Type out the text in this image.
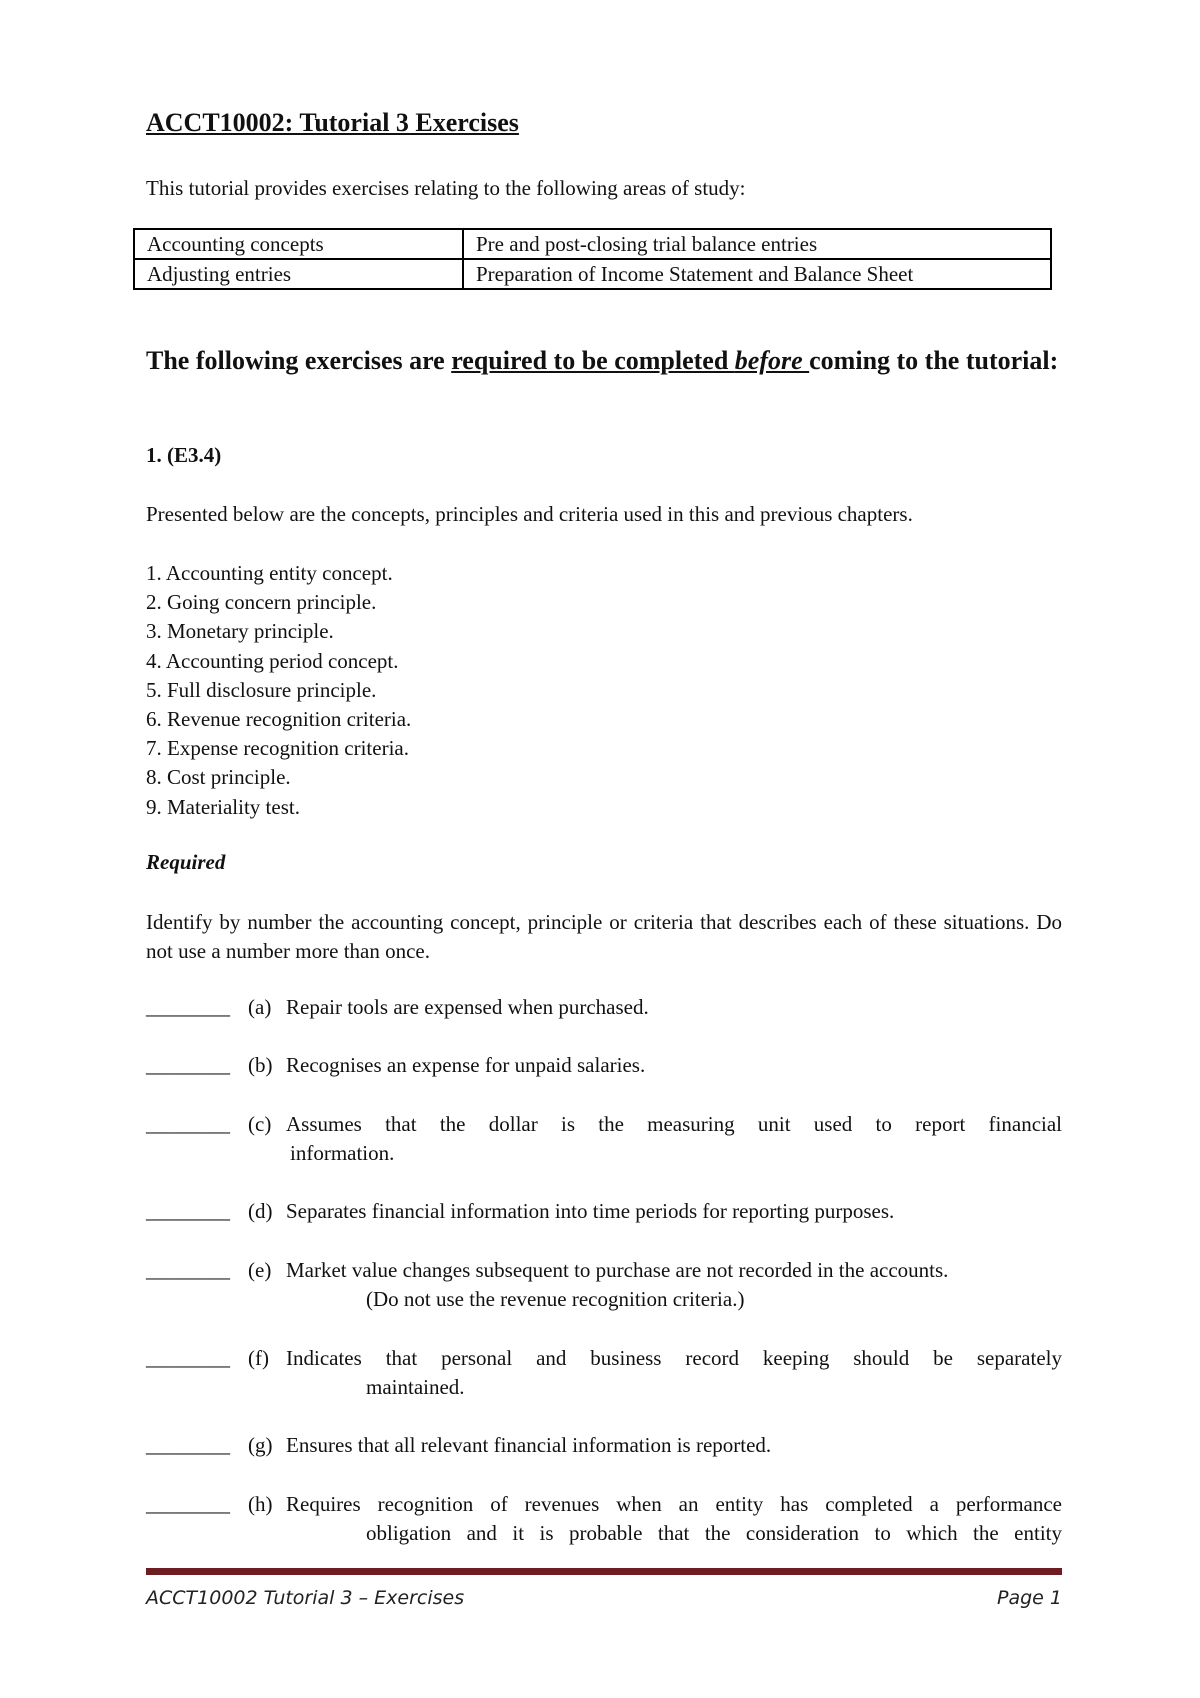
ACCT10002: Tutorial 3 Exercises

This tutorial provides exercises relating to the following areas of study:

Accounting concepts	Pre and post-closing trial balance entries
Adjusting entries	Preparation of Income Statement and Balance Sheet

The following exercises are required to be completed before coming to the tutorial:

1. (E3.4)

Presented below are the concepts, principles and criteria used in this and previous chapters.

1. Accounting entity concept.
2. Going concern principle.
3. Monetary principle.
4. Accounting period concept.
5. Full disclosure principle.
6. Revenue recognition criteria.
7. Expense recognition criteria.
8. Cost principle.
9. Materiality test.

Required

Identify by number the accounting concept, principle or criteria that describes each of these situations. Do not use a number more than once.

________ (a) Repair tools are expensed when purchased.
________ (b) Recognises an expense for unpaid salaries.
________ (c) Assumes that the dollar is the measuring unit used to report financial
information.
________ (d) Separates financial information into time periods for reporting purposes.
________ (e) Market value changes subsequent to purchase are not recorded in the accounts.
(Do not use the revenue recognition criteria.)
________ (f) Indicates that personal and business record keeping should be separately
maintained.
________ (g) Ensures that all relevant financial information is reported.
________ (h) Requires recognition of revenues when an entity has completed a performance
obligation and it is probable that the consideration to which the entity
ACCT10002 Tutorial 3 – Exercises	Page 1
